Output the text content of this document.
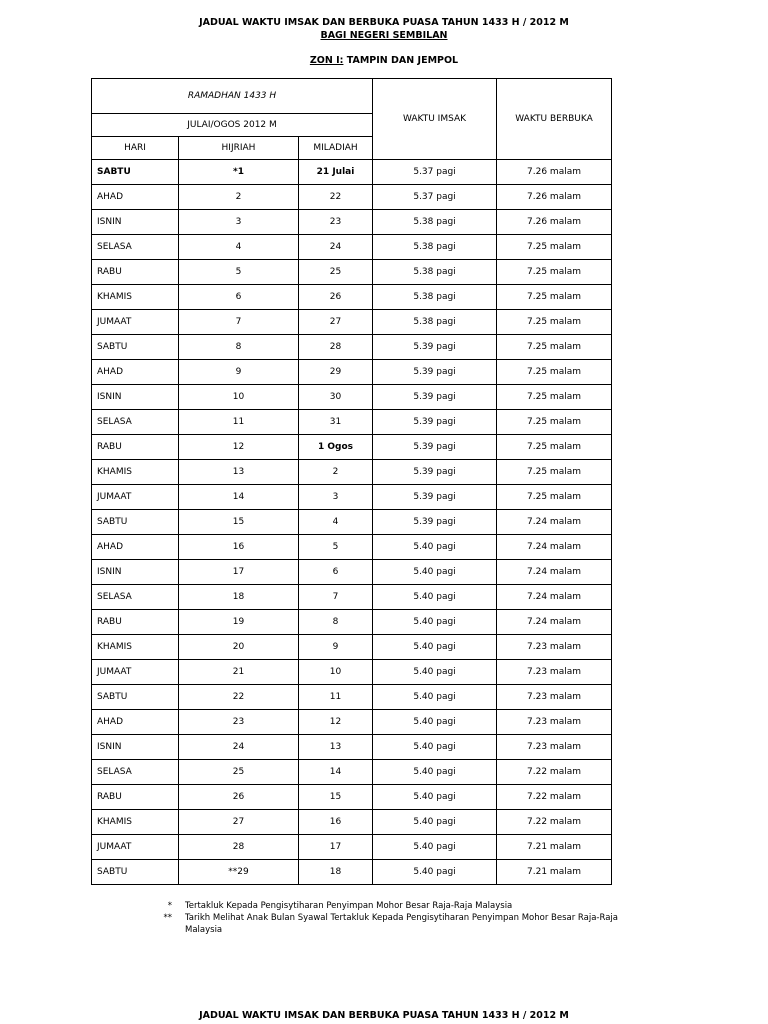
JADUAL WAKTU IMSAK DAN BERBUKA PUASA TAHUN 1433 H / 2012 M
BAGI NEGERI SEMBILAN
ZON I: TAMPIN DAN JEMPOL
RAMADHAN 1433 H			WAKTU IMSAK	WAKTU BERBUKA
JULAI/OGOS 2012 M				
HARI	HIJRIAH	MILADIAH		
SABTU	*1	21 Julai	5.37 pagi	7.26 malam
AHAD	2	22	5.37 pagi	7.26 malam
ISNIN	3	23	5.38 pagi	7.26 malam
SELASA	4	24	5.38 pagi	7.25 malam
RABU	5	25	5.38 pagi	7.25 malam
KHAMIS	6	26	5.38 pagi	7.25 malam
JUMAAT	7	27	5.38 pagi	7.25 malam
SABTU	8	28	5.39 pagi	7.25 malam
AHAD	9	29	5.39 pagi	7.25 malam
ISNIN	10	30	5.39 pagi	7.25 malam
SELASA	11	31	5.39 pagi	7.25 malam
RABU	12	1 Ogos	5.39 pagi	7.25 malam
KHAMIS	13	2	5.39 pagi	7.25 malam
JUMAAT	14	3	5.39 pagi	7.25 malam
SABTU	15	4	5.39 pagi	7.24 malam
AHAD	16	5	5.40 pagi	7.24 malam
ISNIN	17	6	5.40 pagi	7.24 malam
SELASA	18	7	5.40 pagi	7.24 malam
RABU	19	8	5.40 pagi	7.24 malam
KHAMIS	20	9	5.40 pagi	7.23 malam
JUMAAT	21	10	5.40 pagi	7.23 malam
SABTU	22	11	5.40 pagi	7.23 malam
AHAD	23	12	5.40 pagi	7.23 malam
ISNIN	24	13	5.40 pagi	7.23 malam
SELASA	25	14	5.40 pagi	7.22 malam
RABU	26	15	5.40 pagi	7.22 malam
KHAMIS	27	16	5.40 pagi	7.22 malam
JUMAAT	28	17	5.40 pagi	7.21 malam
SABTU	**29	18	5.40 pagi	7.21 malam
*	Tertakluk Kepada Pengisytiharan Penyimpan Mohor Besar Raja-Raja Malaysia
**	Tarikh Melihat Anak Bulan Syawal Tertakluk Kepada Pengisytiharan Penyimpan Mohor Besar Raja-Raja Malaysia
JADUAL WAKTU IMSAK DAN BERBUKA PUASA TAHUN 1433 H / 2012 M
